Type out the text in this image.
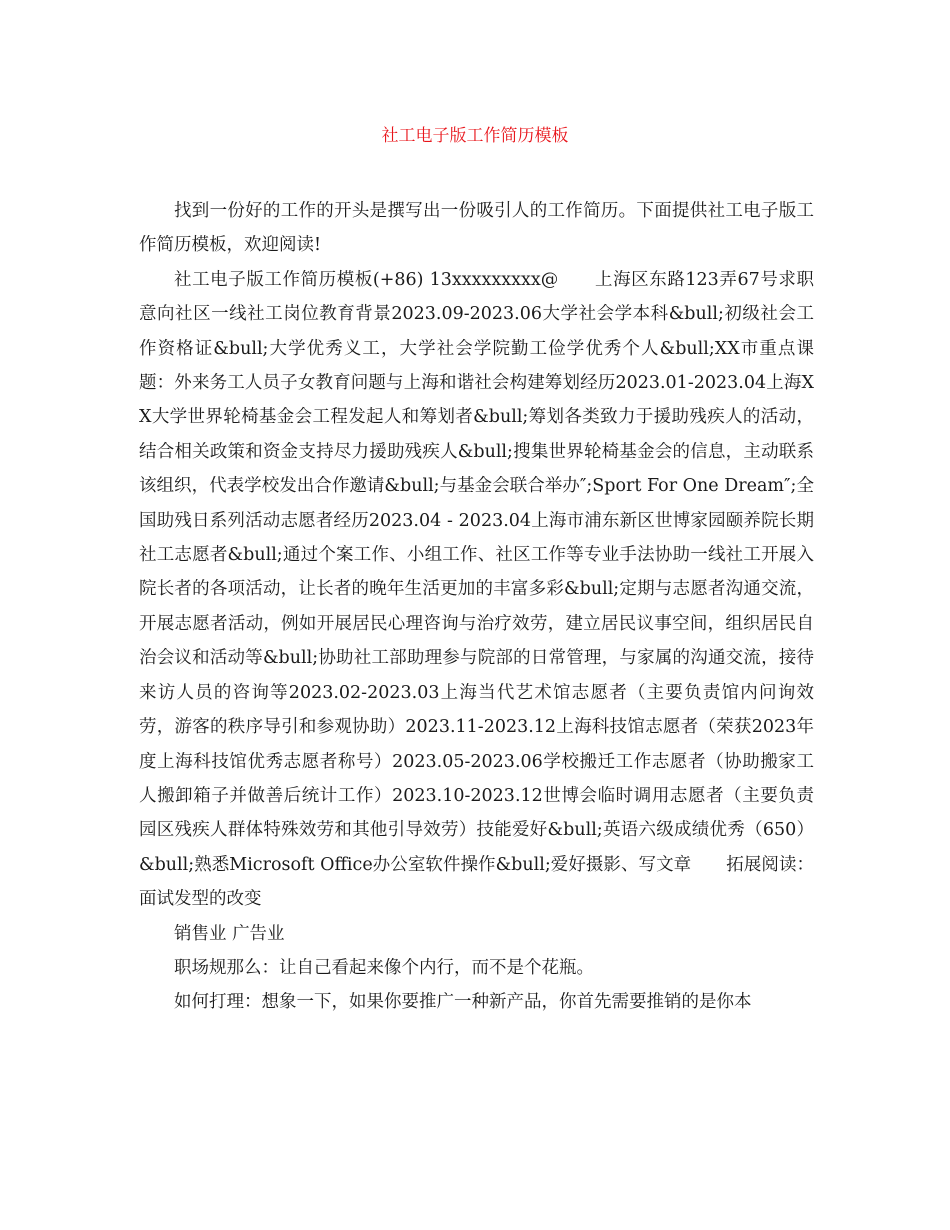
社工电子版工作简历模板

找到一份好的工作的开头是撰写出一份吸引人的工作简历。下面提供社工电子版工作简历模板，欢迎阅读!

社工电子版工作简历模板(+86) 13xxxxxxxxx@　　上海区东路123弄67号求职意向社区一线社工岗位教育背景2023.09-2023.06大学社会学本科&bull;初级社会工作资格证&bull;大学优秀义工，大学社会学院勤工俭学优秀个人&bull;XX市重点课题：外来务工人员子女教育问题与上海和谐社会构建筹划经历2023.01-2023.04上海XX大学世界轮椅基金会工程发起人和筹划者&bull;筹划各类致力于援助残疾人的活动，结合相关政策和资金支持尽力援助残疾人&bull;搜集世界轮椅基金会的信息，主动联系该组织，代表学校发出合作邀请&bull;与基金会联合举办″;Sport For One Dream″;全国助残日系列活动志愿者经历2023.04 - 2023.04上海市浦东新区世博家园颐养院长期社工志愿者&bull;通过个案工作、小组工作、社区工作等专业手法协助一线社工开展入院长者的各项活动，让长者的晚年生活更加的丰富多彩&bull;定期与志愿者沟通交流，开展志愿者活动，例如开展居民心理咨询与治疗效劳，建立居民议事空间，组织居民自治会议和活动等&bull;协助社工部助理参与院部的日常管理，与家属的沟通交流，接待来访人员的咨询等2023.02-2023.03上海当代艺术馆志愿者（主要负责馆内问询效劳，游客的秩序导引和参观协助）2023.11-2023.12上海科技馆志愿者（荣获2023年度上海科技馆优秀志愿者称号）2023.05-2023.06学校搬迁工作志愿者（协助搬家工人搬卸箱子并做善后统计工作）2023.10-2023.12世博会临时调用志愿者（主要负责园区残疾人群体特殊效劳和其他引导效劳）技能爱好&bull;英语六级成绩优秀（650）&bull;熟悉Microsoft Office办公室软件操作&bull;爱好摄影、写文章　　拓展阅读：面试发型的改变

销售业 广告业

职场规那么：让自己看起来像个内行，而不是个花瓶。

如何打理：想象一下，如果你要推广一种新产品，你首先需要推销的是你本
